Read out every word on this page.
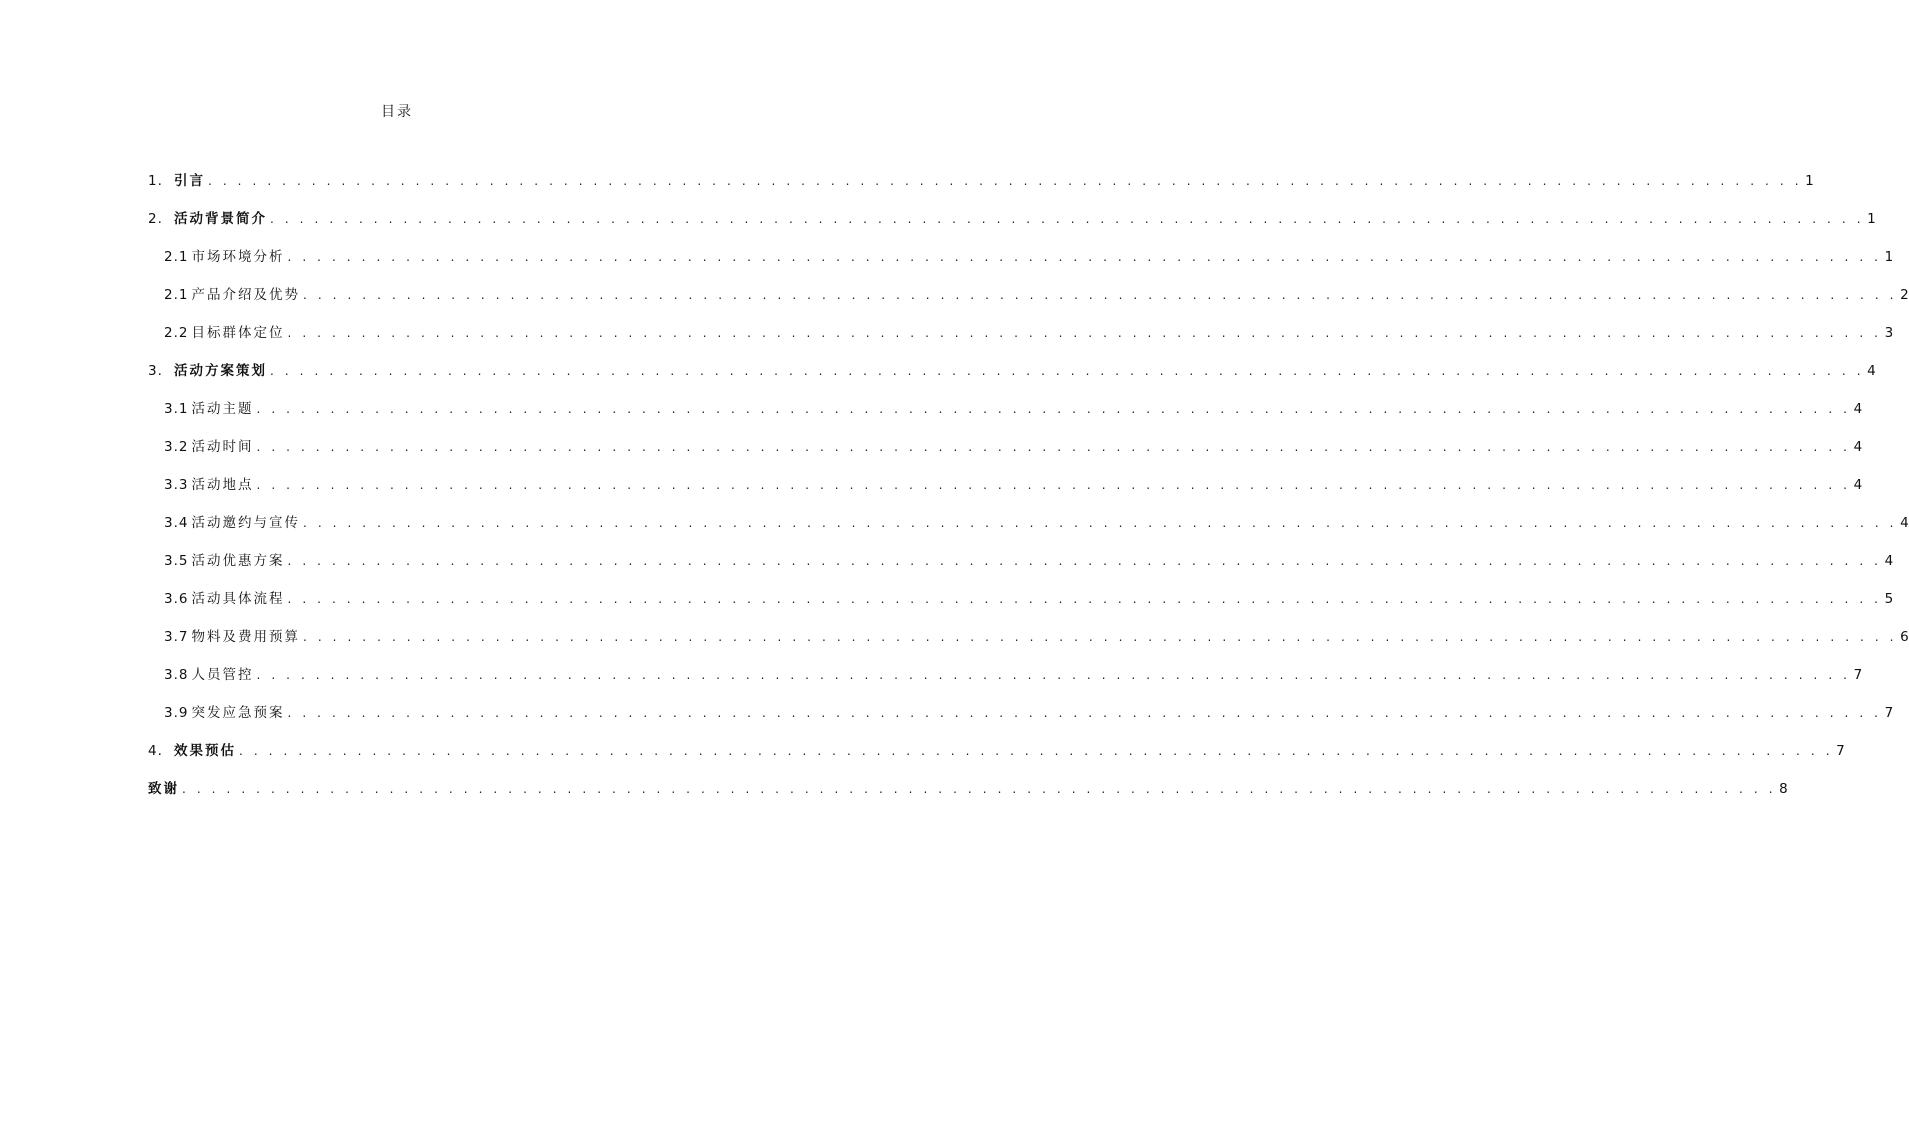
目录
1. 引言 . . .	1
2. 活动背景简介 . . .	1
2.1 市场环境分析 . . .	1
2.1 产品介绍及优势 . . .	2
2.2 目标群体定位 . . .	3
3. 活动方案策划 . . .	4
3.1 活动主题 . . .	4
3.2 活动时间 . . .	4
3.3 活动地点 . . .	4
3.4 活动邀约与宣传 . . .	4
3.5 活动优惠方案 . . .	4
3.6 活动具体流程 . . .	5
3.7 物料及费用预算 . . .	6
3.8 人员管控 . . .	7
3.9 突发应急预案 . . .	7
4. 效果预估 . . .	7
致谢 . . .	8
